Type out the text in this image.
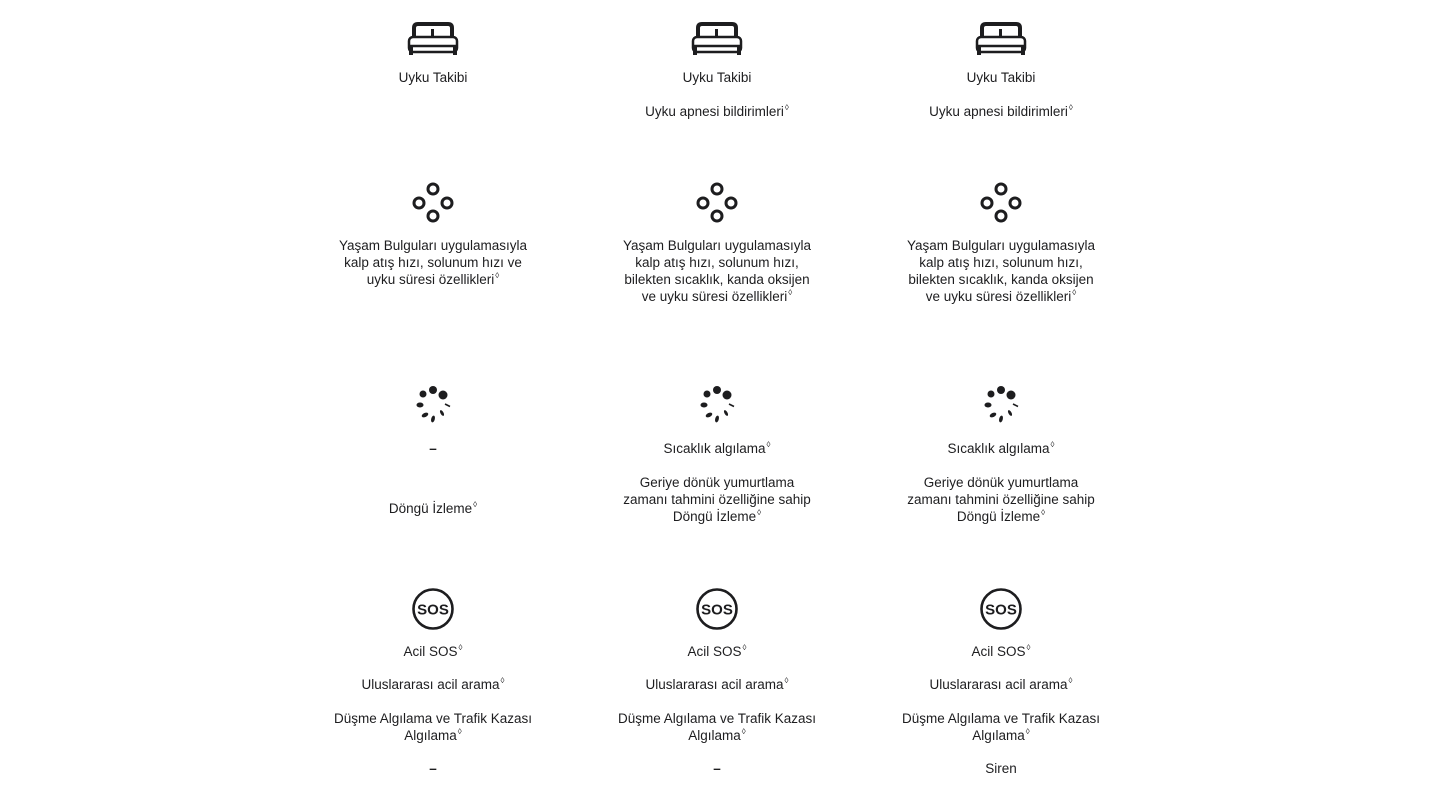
Uyku Takibi
Yaşam Bulguları uygulamasıyla kalp atış hızı, solunum hızı ve uyku süresi özellikleri◊
–
Döngü İzleme◊
SOS
Acil SOS◊
Uluslararası acil arama◊
Düşme Algılama ve Trafik Kazası Algılama◊
–
Uyku Takibi
Uyku apnesi bildirimleri◊
Yaşam Bulguları uygulamasıyla kalp atış hızı, solunum hızı, bilekten sıcaklık, kanda oksijen ve uyku süresi özellikleri◊
Sıcaklık algılama◊
Geriye dönük yumurtlama zamanı tahmini özelliğine sahip Döngü İzleme◊
SOS
Acil SOS◊
Uluslararası acil arama◊
Düşme Algılama ve Trafik Kazası Algılama◊
–
Uyku Takibi
Uyku apnesi bildirimleri◊
Yaşam Bulguları uygulamasıyla kalp atış hızı, solunum hızı, bilekten sıcaklık, kanda oksijen ve uyku süresi özellikleri◊
Sıcaklık algılama◊
Geriye dönük yumurtlama zamanı tahmini özelliğine sahip Döngü İzleme◊
SOS
Acil SOS◊
Uluslararası acil arama◊
Düşme Algılama ve Trafik Kazası Algılama◊
Siren
